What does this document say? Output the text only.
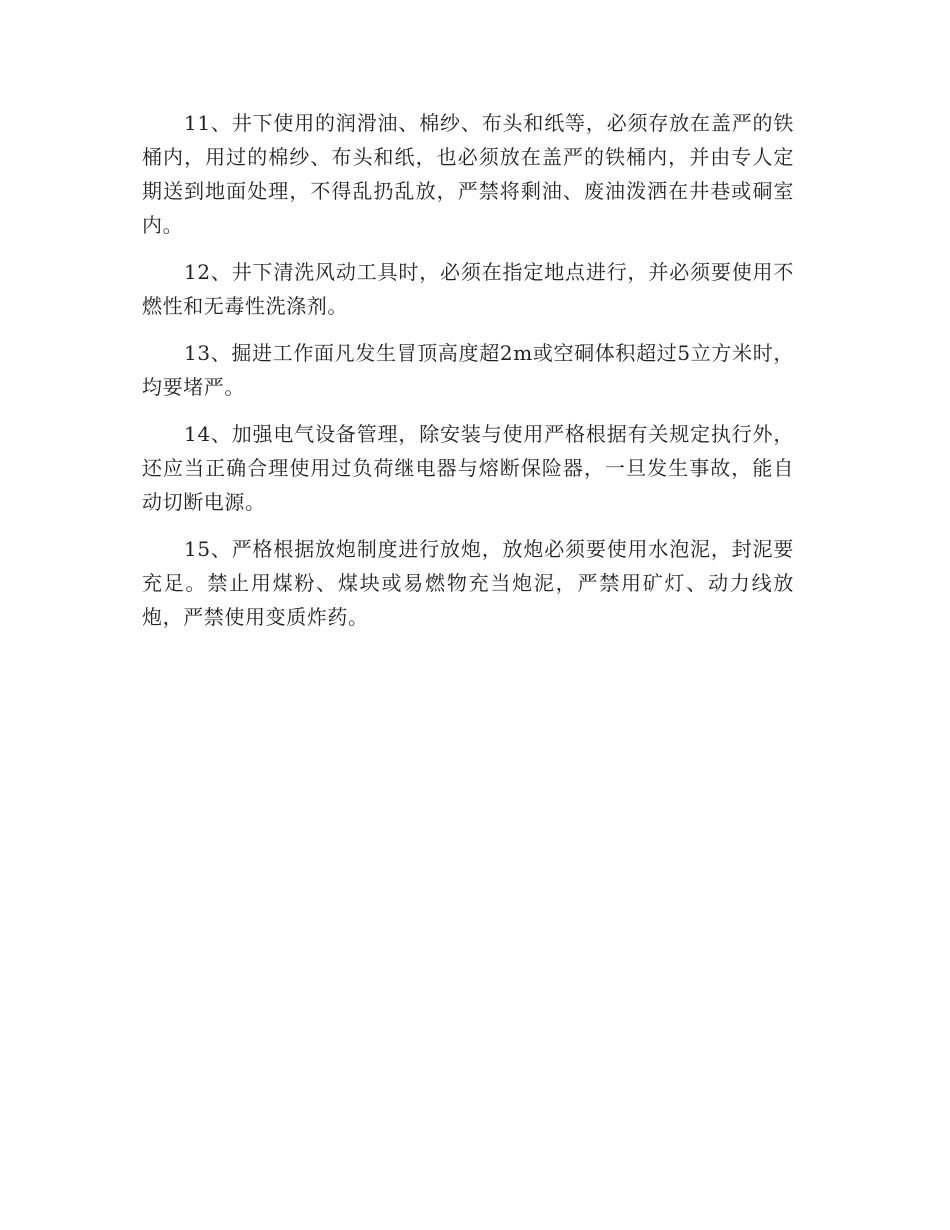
11、井下使用的润滑油、棉纱、布头和纸等，必须存放在盖严的铁桶内，用过的棉纱、布头和纸，也必须放在盖严的铁桶内，并由专人定期送到地面处理，不得乱扔乱放，严禁将剩油、废油泼洒在井巷或硐室内。

12、井下清洗风动工具时，必须在指定地点进行，并必须要使用不燃性和无毒性洗涤剂。

13、掘进工作面凡发生冒顶高度超2m或空硐体积超过5立方米时，均要堵严。

14、加强电气设备管理，除安装与使用严格根据有关规定执行外，还应当正确合理使用过负荷继电器与熔断保险器，一旦发生事故，能自动切断电源。

15、严格根据放炮制度进行放炮，放炮必须要使用水泡泥，封泥要充足。禁止用煤粉、煤块或易燃物充当炮泥，严禁用矿灯、动力线放炮，严禁使用变质炸药。
